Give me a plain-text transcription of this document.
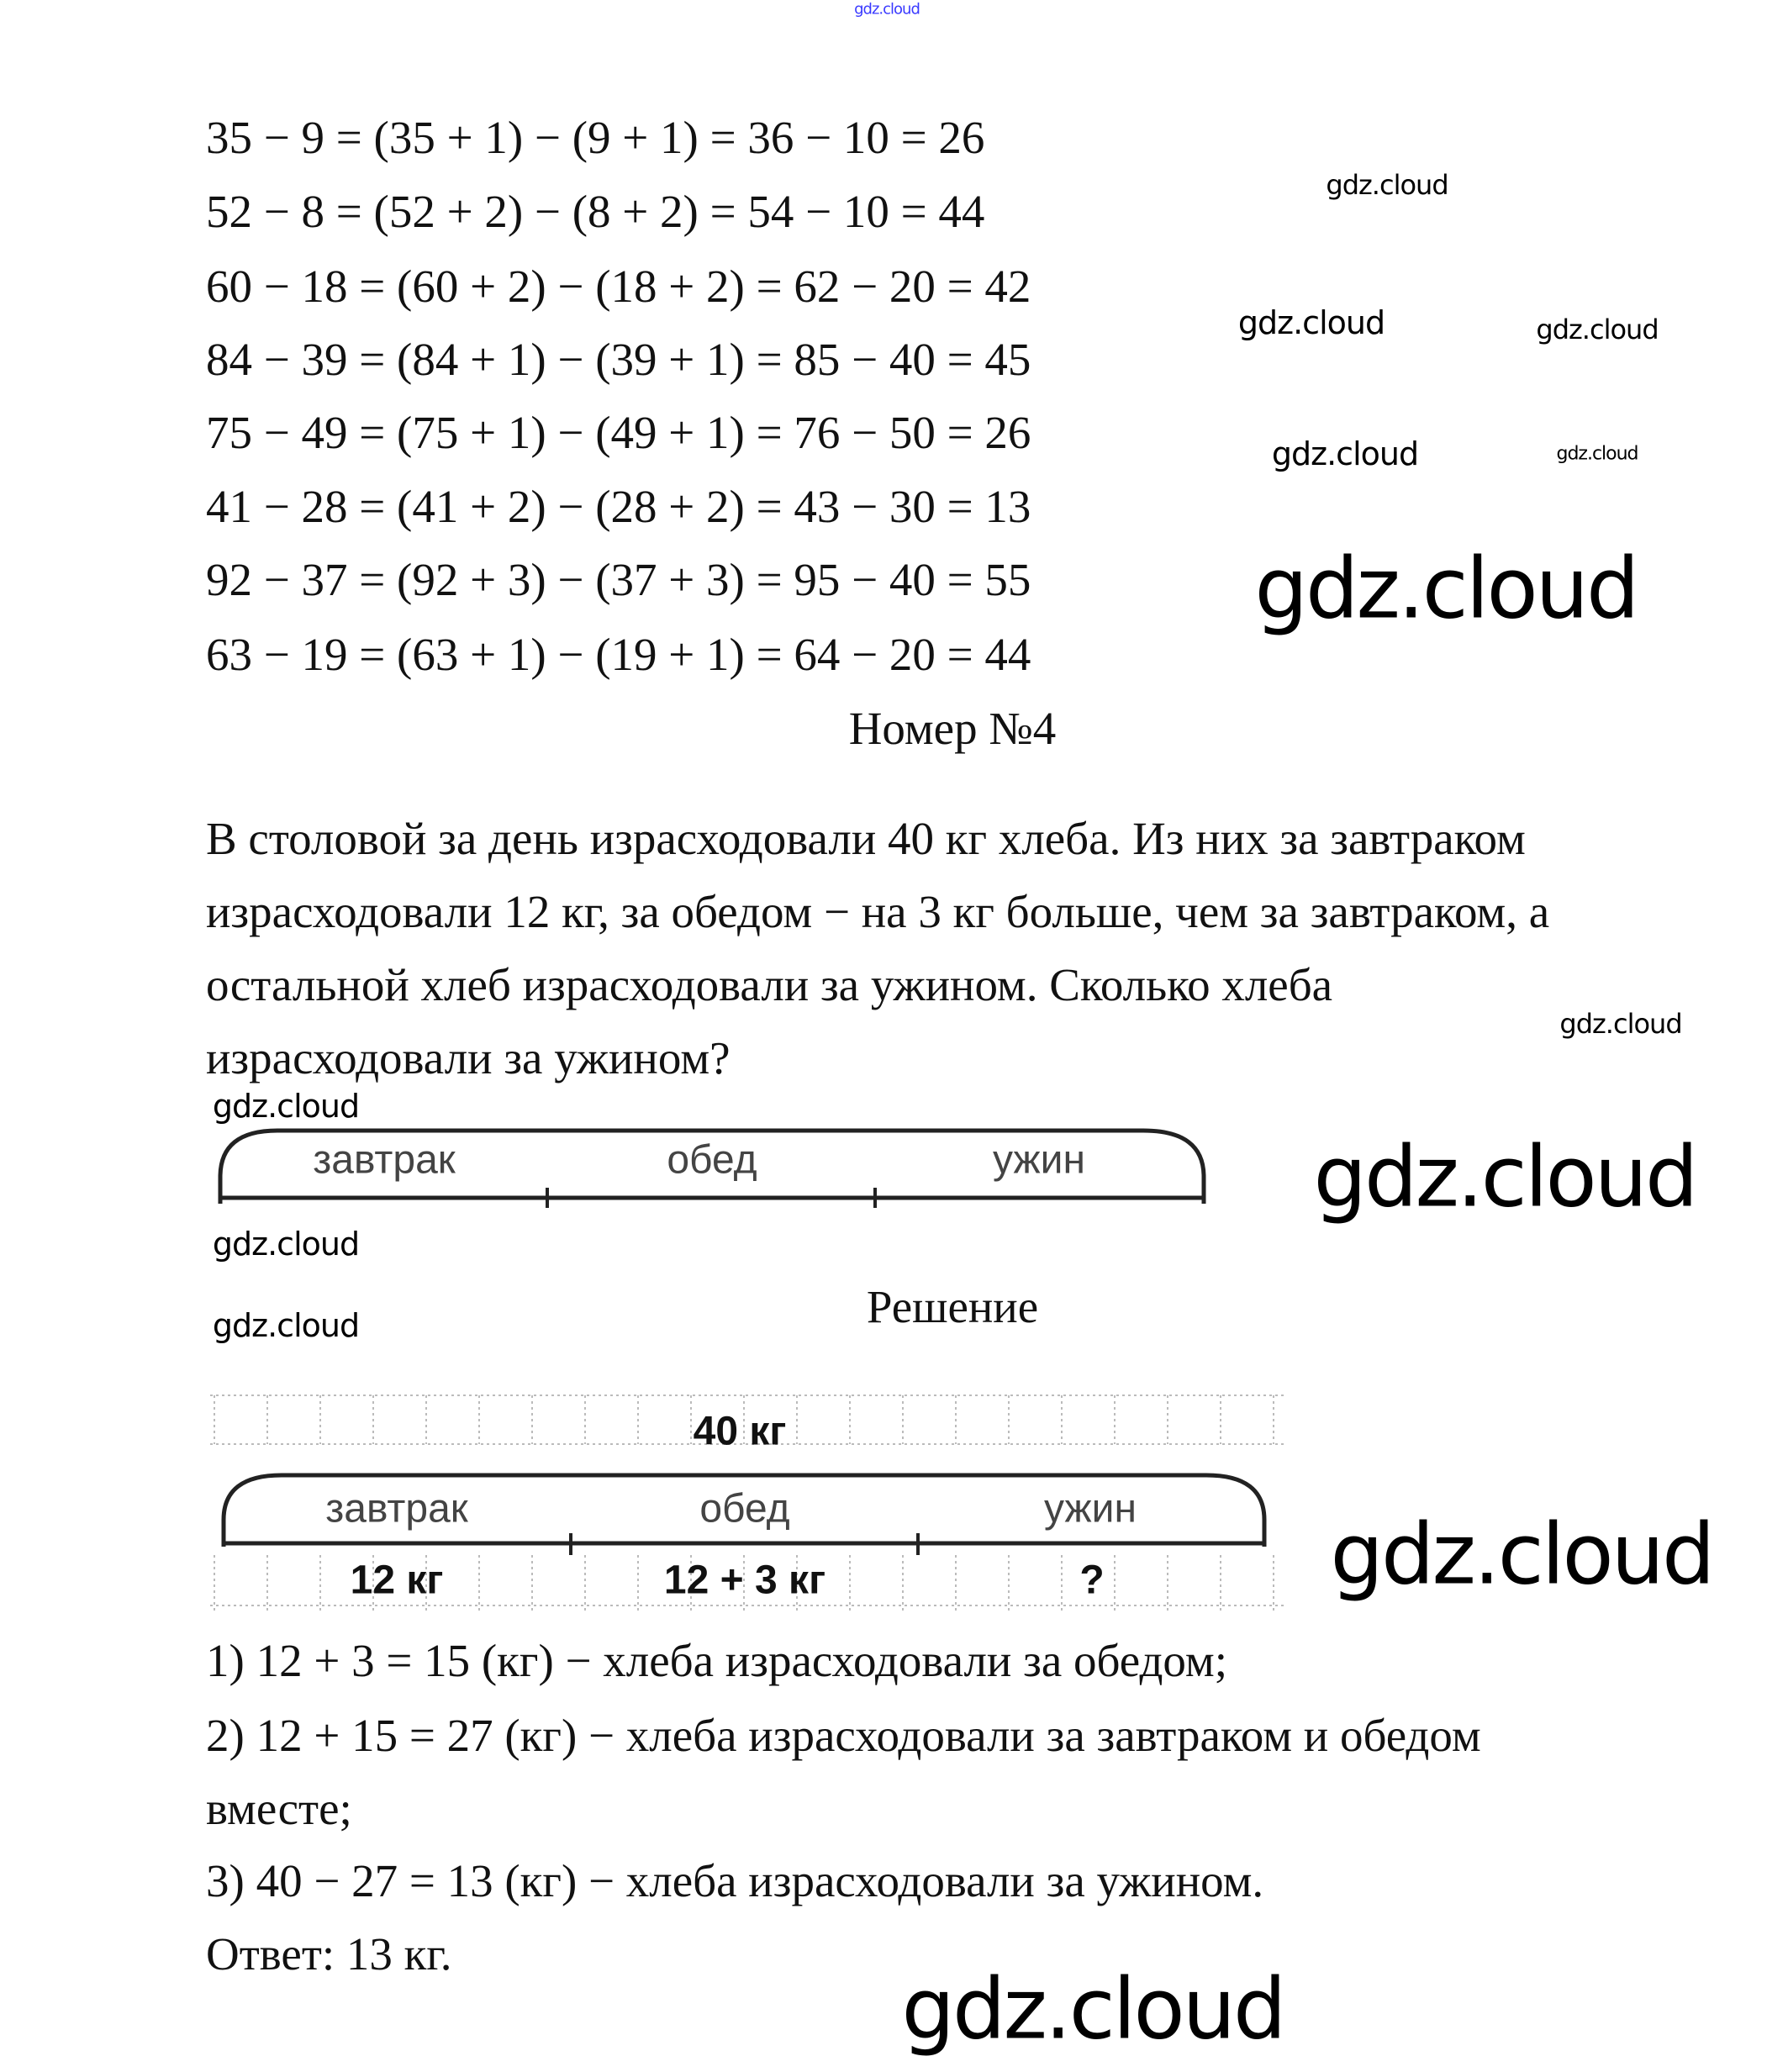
35 − 9 = (35 + 1) − (9 + 1) = 36 − 10 = 26
52 − 8 = (52 + 2) − (8 + 2) = 54 − 10 = 44
60 − 18 = (60 + 2) − (18 + 2) = 62 − 20 = 42
84 − 39 = (84 + 1) − (39 + 1) = 85 − 40 = 45
75 − 49 = (75 + 1) − (49 + 1) = 76 − 50 = 26
41 − 28 = (41 + 2) − (28 + 2) = 43 − 30 = 13
92 − 37 = (92 + 3) − (37 + 3) = 95 − 40 = 55
63 − 19 = (63 + 1) − (19 + 1) = 64 − 20 = 44
Номер №4
В столовой за день израсходовали 40 кг хлеба. Из них за завтраком
израсходовали 12 кг, за обедом − на 3 кг больше, чем за завтраком, а
остальной хлеб израсходовали за ужином. Сколько хлеба
израсходовали за ужином?
завтрак	обед	ужин
Решение
40 кг
завтрак	обед	ужин
12 кг	12 + 3 кг	?
1) 12 + 3 = 15 (кг) − хлеба израсходовали за обедом;
2) 12 + 15 = 27 (кг) − хлеба израсходовали за завтраком и обедом
вместе;
3) 40 − 27 = 13 (кг) − хлеба израсходовали за ужином.
Ответ: 13 кг.
gdz.cloud
gdz.cloud
gdz.cloud	gdz.cloud
gdz.cloud	gdz.cloud
gdz.cloud
gdz.cloud
gdz.cloud
gdz.cloud
gdz.cloud
gdz.cloud
gdz.cloud
gdz.cloud
